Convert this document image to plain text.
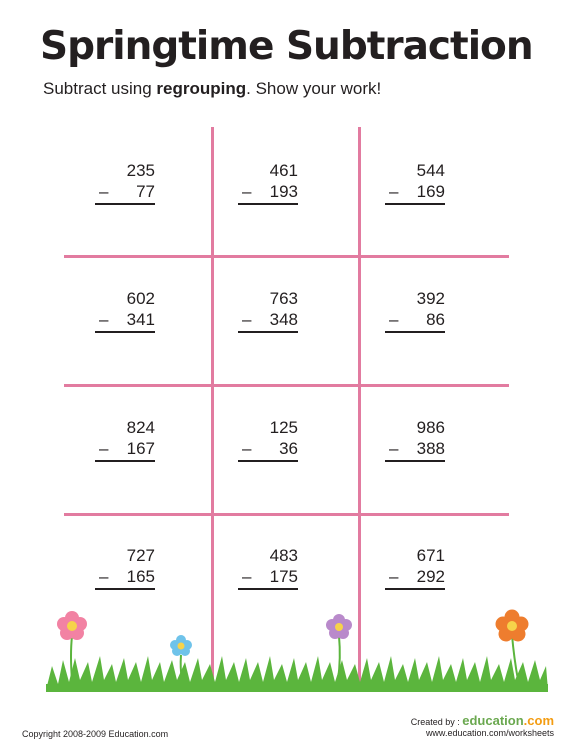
Springtime Subtraction
Subtract using regrouping. Show your work!
235
– 77
461
– 193
544
– 169
602
– 341
763
– 348
392
– 86
824
– 167
125
– 36
986
– 388
727
– 165
483
– 175
671
– 292
Copyright 2008-2009 Education.com
Created by : education.com
www.education.com/worksheets
